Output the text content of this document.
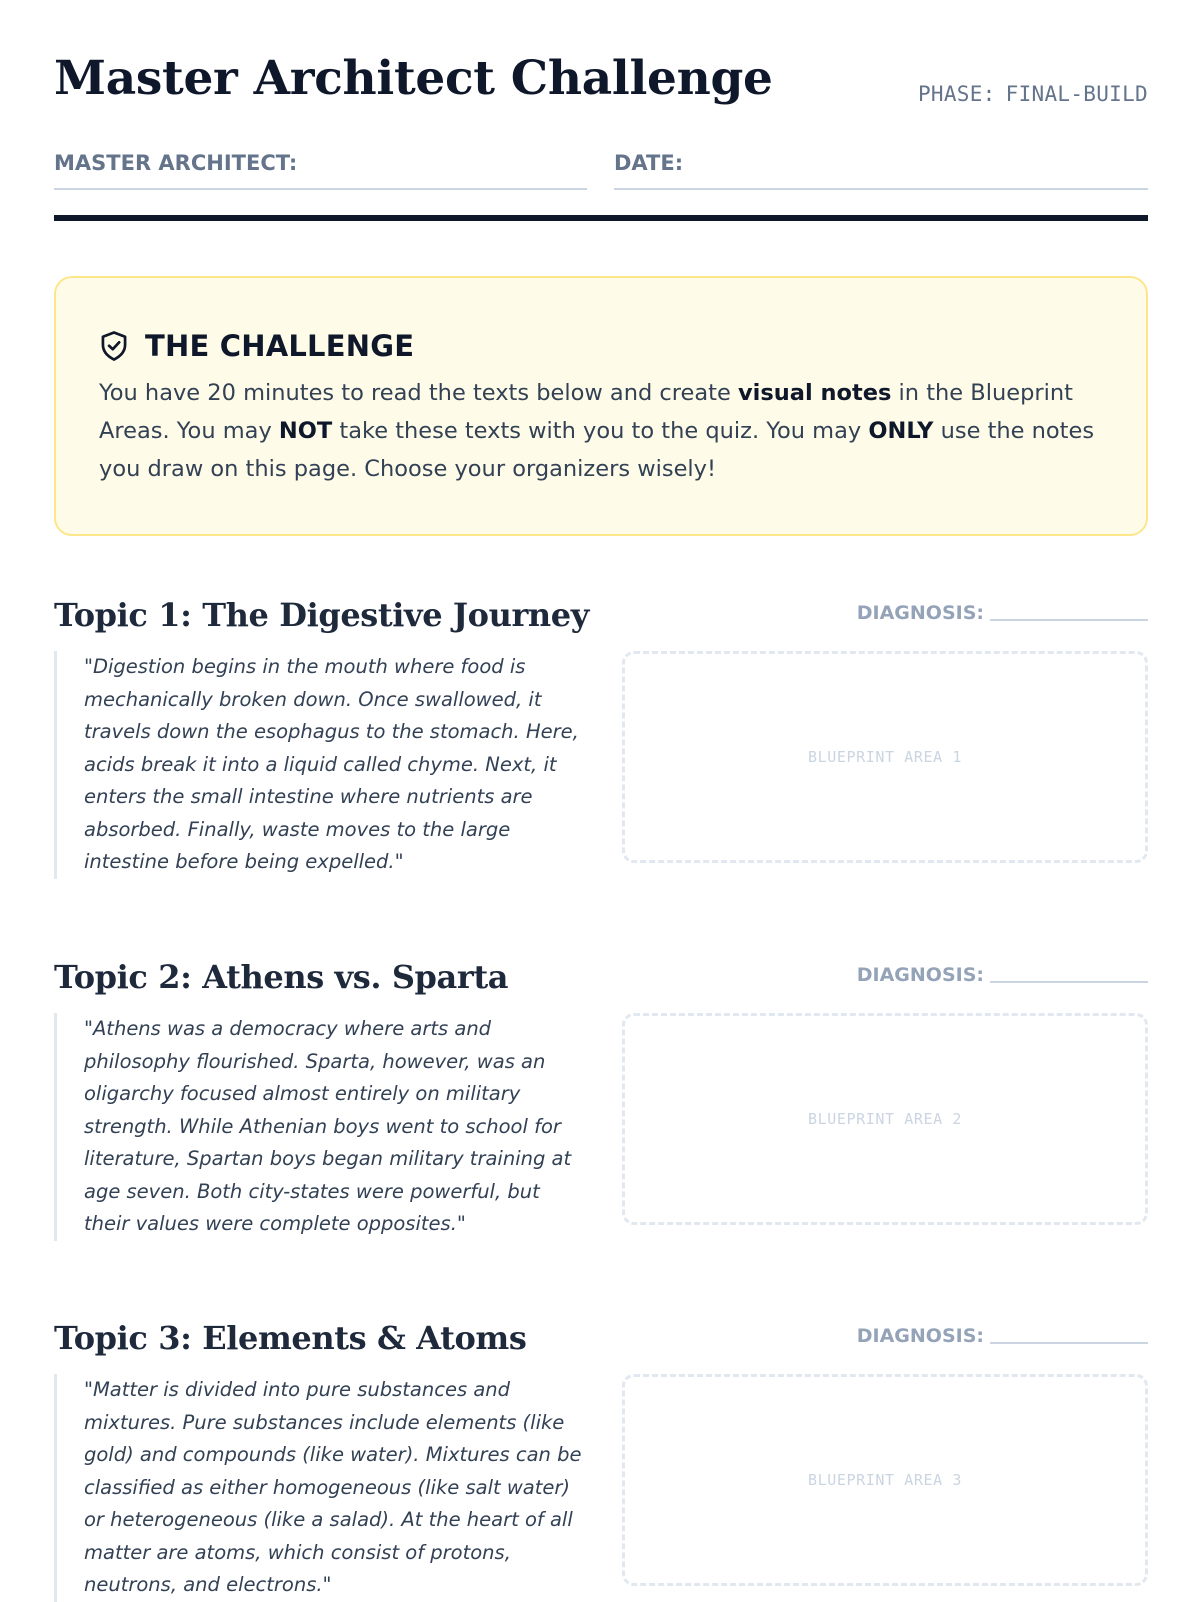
Master Architect Challenge	PHASE: FINAL-BUILD
MASTER ARCHITECT:	DATE:
THE CHALLENGE

You have 20 minutes to read the texts below and create visual notes in the Blueprint Areas. You may NOT take these texts with you to the quiz. You may ONLY use the notes you draw on this page. Choose your organizers wisely!

Topic 1: The Digestive Journey	DIAGNOSIS:

"Digestion begins in the mouth where food is mechanically broken down. Once swallowed, it travels down the esophagus to the stomach. Here, acids break it into a liquid called chyme. Next, it enters the small intestine where nutrients are absorbed. Finally, waste moves to the large intestine before being expelled."

BLUEPRINT AREA 1
Topic 2: Athens vs. Sparta	DIAGNOSIS:

"Athens was a democracy where arts and philosophy flourished. Sparta, however, was an oligarchy focused almost entirely on military strength. While Athenian boys went to school for literature, Spartan boys began military training at age seven. Both city-states were powerful, but their values were complete opposites."

BLUEPRINT AREA 2
Topic 3: Elements & Atoms	DIAGNOSIS:

"Matter is divided into pure substances and mixtures. Pure substances include elements (like gold) and compounds (like water). Mixtures can be classified as either homogeneous (like salt water) or heterogeneous (like a salad). At the heart of all matter are atoms, which consist of protons, neutrons, and electrons."

BLUEPRINT AREA 3
